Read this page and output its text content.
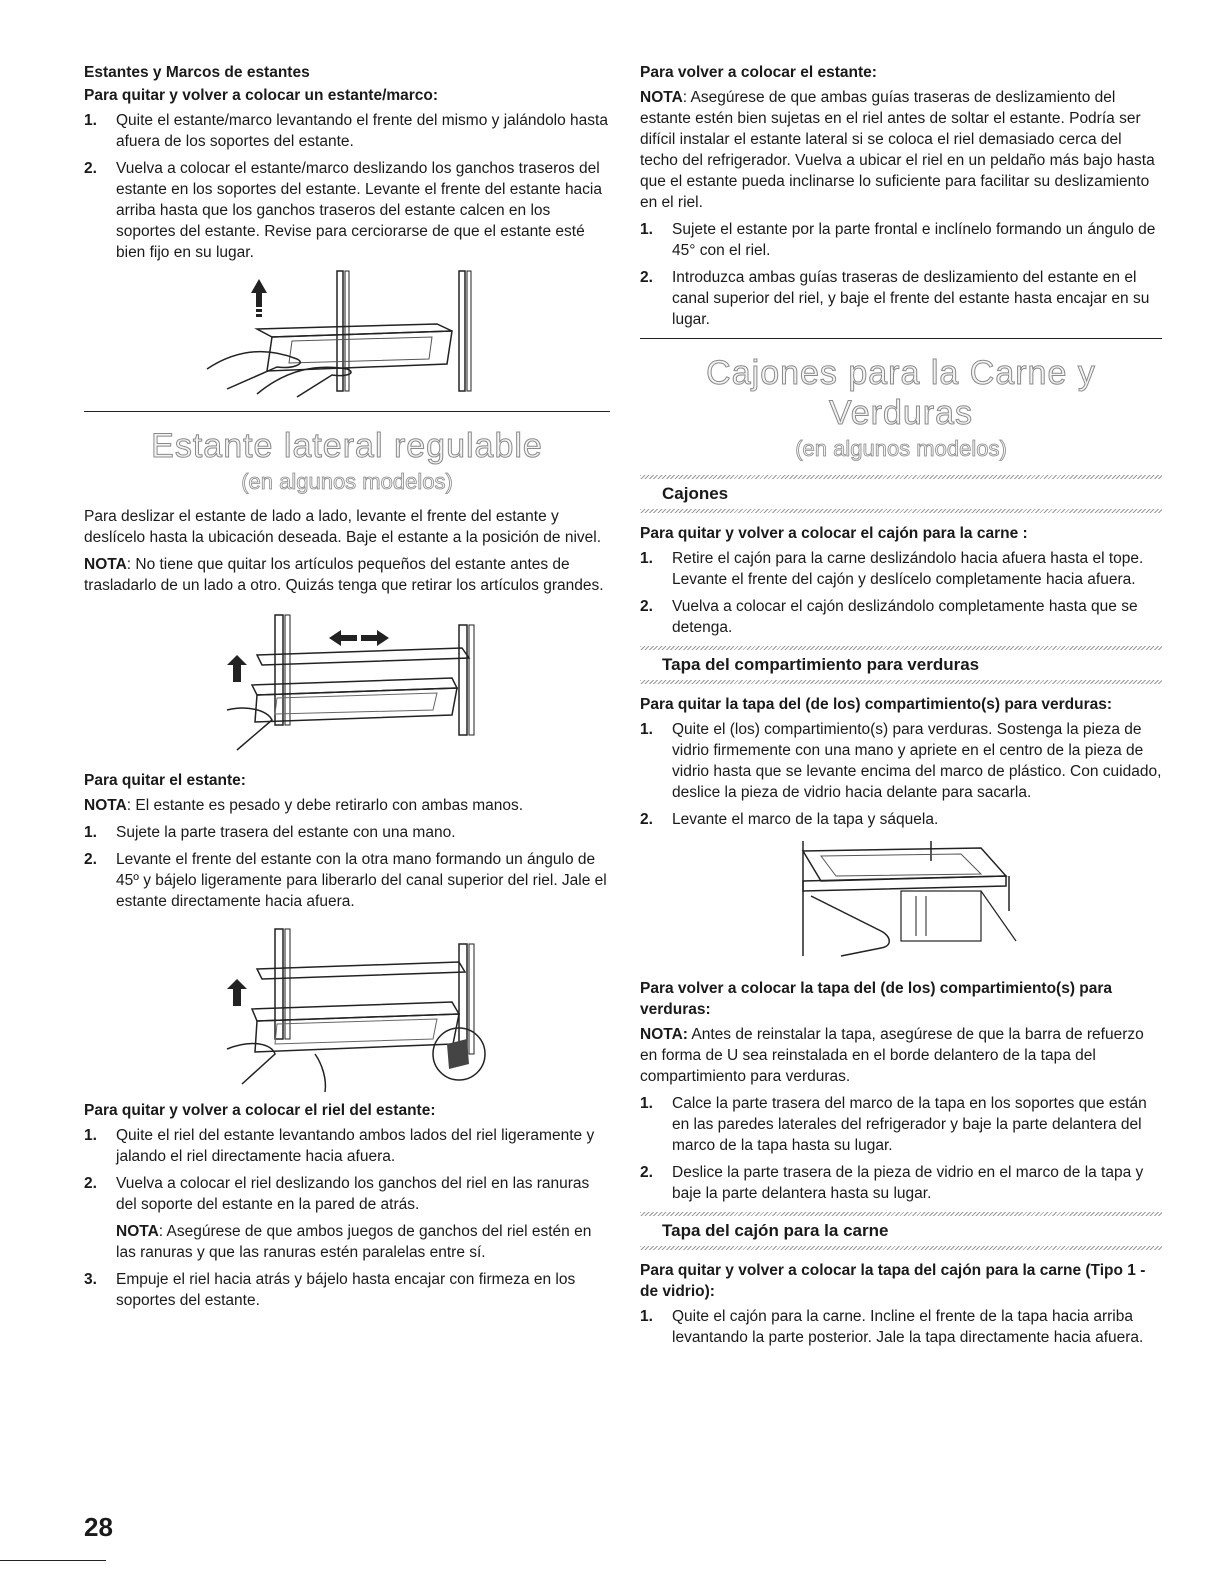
Estantes y Marcos de estantes

Para quitar y volver a colocar un estante/marco:

1. Quite el estante/marco levantando el frente del mismo y jalándolo hasta afuera de los soportes del estante.
2. Vuelva a colocar el estante/marco deslizando los ganchos traseros del estante en los soportes del estante. Levante el frente del estante hacia arriba hasta que los ganchos traseros del estante calcen en los soportes del estante. Revise para cerciorarse de que el estante esté bien fijo en su lugar.

Estante lateral regulable

(en algunos modelos)

Para deslizar el estante de lado a lado, levante el frente del estante y deslícelo hasta la ubicación deseada. Baje el estante a la posición de nivel.

NOTA: No tiene que quitar los artículos pequeños del estante antes de trasladarlo de un lado a otro. Quizás tenga que retirar los artículos grandes.

Para quitar el estante:

NOTA: El estante es pesado y debe retirarlo con ambas manos.

1. Sujete la parte trasera del estante con una mano.
2. Levante el frente del estante con la otra mano formando un ángulo de 45º y bájelo ligeramente para liberarlo del canal superior del riel. Jale el estante directamente hacia afuera.

Para quitar y volver a colocar el riel del estante:

1. Quite el riel del estante levantando ambos lados del riel ligeramente y jalando el riel directamente hacia afuera.
2. Vuelva a colocar el riel deslizando los ganchos del riel en las ranuras del soporte del estante en la pared de atrás.

NOTA: Asegúrese de que ambos juegos de ganchos del riel estén en las ranuras y que las ranuras estén paralelas entre sí.

3. Empuje el riel hacia atrás y bájelo hasta encajar con firmeza en los soportes del estante.

Para volver a colocar el estante:

NOTA: Asegúrese de que ambas guías traseras de deslizamiento del estante estén bien sujetas en el riel antes de soltar el estante. Podría ser difícil instalar el estante lateral si se coloca el riel demasiado cerca del techo del refrigerador. Vuelva a ubicar el riel en un peldaño más bajo hasta que el estante pueda inclinarse lo suficiente para facilitar su deslizamiento en el riel.

1. Sujete el estante por la parte frontal e inclínelo formando un ángulo de 45° con el riel.
2. Introduzca ambas guías traseras de deslizamiento del estante en el canal superior del riel, y baje el frente del estante hasta encajar en su lugar.

Cajones para la Carne y Verduras

(en algunos modelos)

Cajones

Para quitar y volver a colocar el cajón para la carne :

1. Retire el cajón para la carne deslizándolo hacia afuera hasta el tope. Levante el frente del cajón y deslícelo completamente hacia afuera.
2. Vuelva a colocar el cajón deslizándolo completamente hasta que se detenga.
Tapa del compartimiento para verduras

Para quitar la tapa del (de los) compartimiento(s) para verduras:

1. Quite el (los) compartimiento(s) para verduras. Sostenga la pieza de vidrio firmemente con una mano y apriete en el centro de la pieza de vidrio hasta que se levante encima del marco de plástico. Con cuidado, deslice la pieza de vidrio hacia delante para sacarla.
2. Levante el marco de la tapa y sáquela.

Para volver a colocar la tapa del (de los) compartimiento(s) para verduras:

NOTA: Antes de reinstalar la tapa, asegúrese de que la barra de refuerzo en forma de U sea reinstalada en el borde delantero de la tapa del compartimiento para verduras.

1. Calce la parte trasera del marco de la tapa en los soportes que están en las paredes laterales del refrigerador y baje la parte delantera del marco de la tapa hasta su lugar.
2. Deslice la parte trasera de la pieza de vidrio en el marco de la tapa y baje la parte delantera hasta su lugar.
Tapa del cajón para la carne

Para quitar y volver a colocar la tapa del cajón para la carne (Tipo 1 - de vidrio):

1. Quite el cajón para la carne. Incline el frente de la tapa hacia arriba levantando la parte posterior. Jale la tapa directamente hacia afuera.
28
